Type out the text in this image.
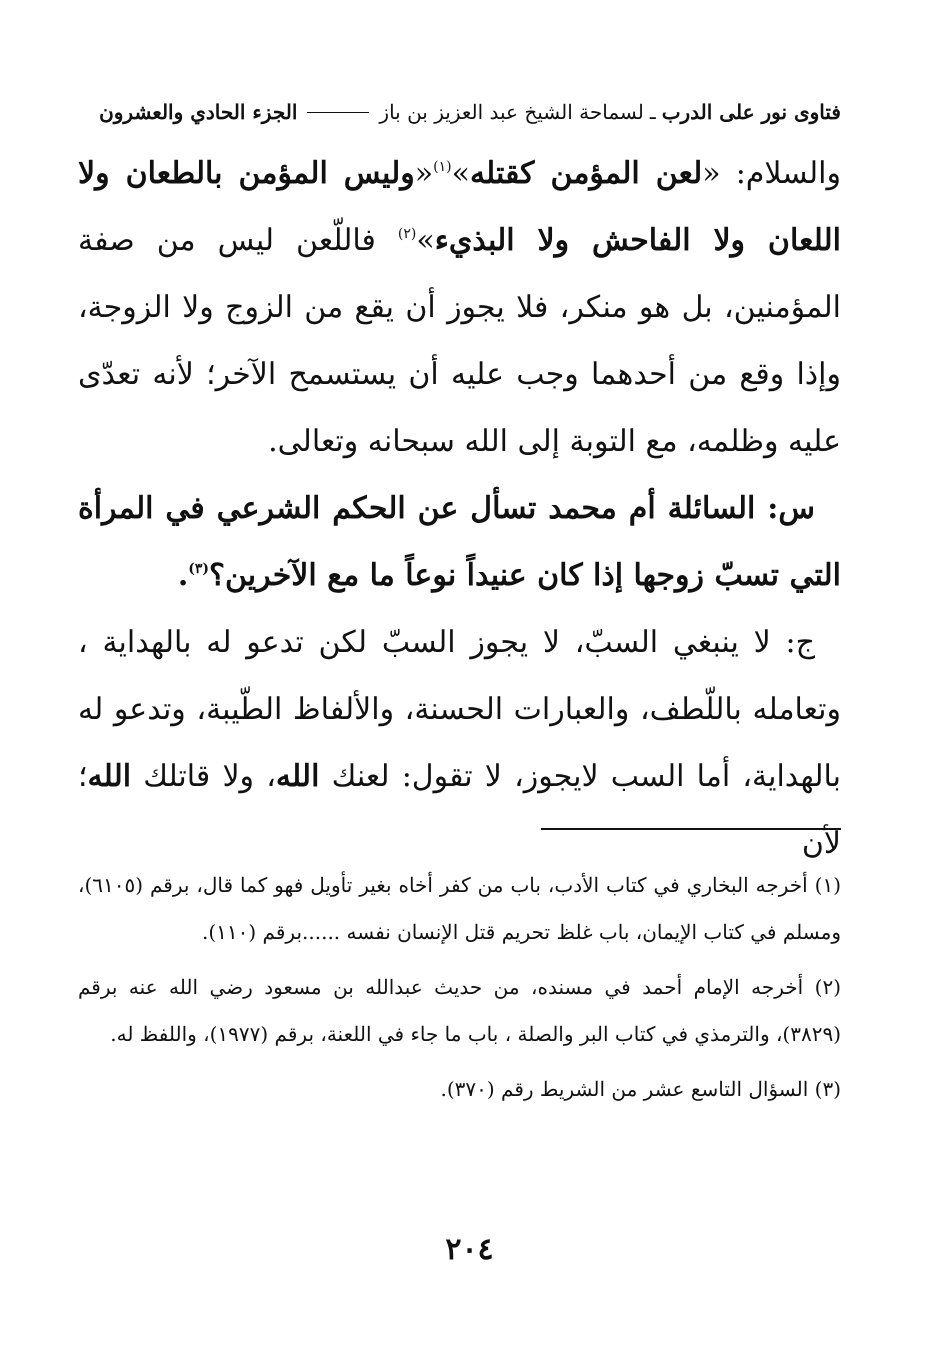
فتاوى نور على الدرب
ـ
لسماحة الشيخ عبد العزيز بن باز
الجزء الحادي والعشرون

والسلام: «لعن المؤمن كقتله»$^{(١)}$«وليس المؤمن بالطعان ولا اللعان ولا الفاحش ولا البذيء»$^{(٢)}$ فاللّعن ليس من صفة المؤمنين، بل هو منكر، فلا يجوز أن يقع من الزوج ولا الزوجة، وإذا وقع من أحدهما وجب عليه أن يستسمح الآخر؛ لأنه تعدّى عليه وظلمه، مع التوبة إلى الله سبحانه وتعالى.

س: السائلة أم محمد تسأل عن الحكم الشرعي في المرأة التي تسبّ زوجها إذا كان عنيداً نوعاً ما مع الآخرين؟$^{(٣)}$.

ج: لا ينبغي السبّ، لا يجوز السبّ لكن تدعو له بالهداية ، وتعامله باللّطف، والعبارات الحسنة، والألفاظ الطّيبة، وتدعو له بالهداية، أما السب لايجوز، لا تقول: لعنك الله، ولا قاتلك الله؛ لأن

(١) أخرجه البخاري في كتاب الأدب، باب من كفر أخاه بغير تأويل فهو كما قال، برقم (٦١٠٥)، ومسلم في كتاب الإيمان، باب غلظ تحريم قتل الإنسان نفسه ......برقم (١١٠).

(٢) أخرجه الإمام أحمد في مسنده، من حديث عبدالله بن مسعود رضي الله عنه برقم (٣٨٢٩)، والترمذي في كتاب البر والصلة ، باب ما جاء في اللعنة، برقم (١٩٧٧)، واللفظ له.

(٣) السؤال التاسع عشر من الشريط رقم (٣٧٠).

٢٠٤
